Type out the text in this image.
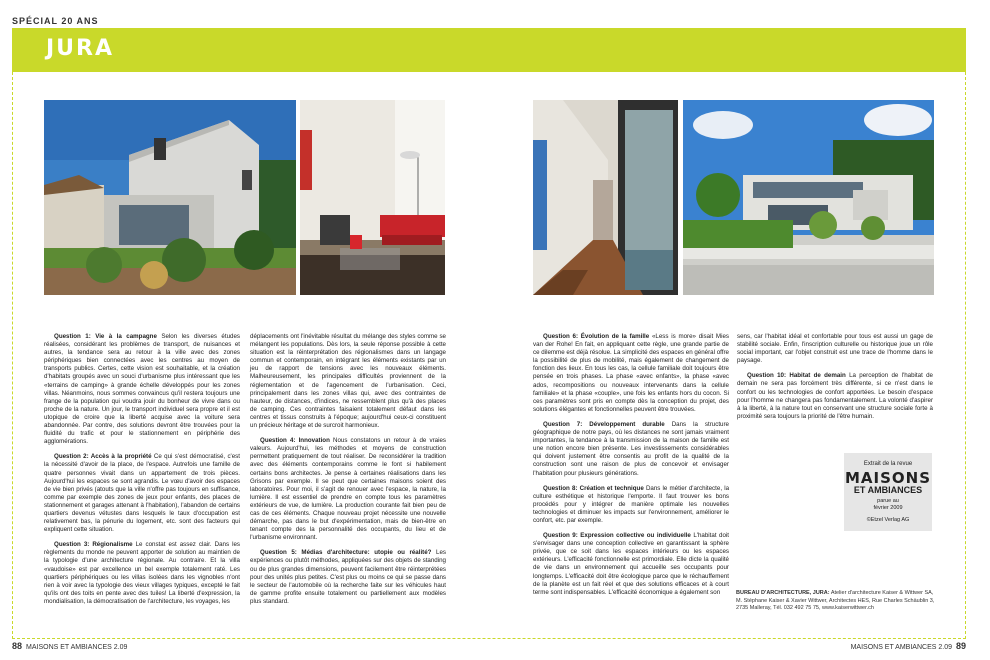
SPÉCIAL 20 ANS
JURA

Question 1: Vie à la campagne Selon les diverses études réalisées, considérant les problèmes de transport, de nuisances et autres, la tendance sera au retour à la ville avec des zones périphériques bien connectées avec les centres au moyen de transports publics. Certes, cette vision est souhaitable, et la création d'habitats groupés avec un souci d'urbanisme plus intéressant que les «terrains de camping» à grande échelle développés pour les zones villas. Néanmoins, nous sommes convaincus qu'il restera toujours une frange de la population qui voudra jouir du bonheur de vivre dans ou proche de la nature. Un jour, le transport individuel sera propre et il est utopique de croire que la liberté acquise avec la voiture sera abandonnée. Par contre, des solutions devront être trouvées pour la fluidité du trafic et pour le stationnement en périphérie des agglomérations.

Question 2: Accès à la propriété Ce qui s'est démocratisé, c'est la nécessité d'avoir de la place, de l'espace. Autrefois une famille de quatre personnes vivait dans un appartement de trois pièces. Aujourd'hui les espaces se sont agrandis. Le vœu d'avoir des espaces de vie bien privés (atouts que la ville n'offre pas toujours en suffisance, comme par exemple des zones de jeux pour enfants, des places de stationnement et garages attenant à l'habitation), l'abandon de certains quartiers devenus vétustes dans lesquels le taux d'occupation est relativement bas, la pénurie du logement, etc. sont des facteurs qui expliquent cette situation.

Question 3: Régionalisme Le constat est assez clair. Dans les règlements du monde ne peuvent apporter de solution au maintien de la typologie d'une architecture régionale. Au contraire. Et la villa «vaudoise» est par excellence un bel exemple totalement raté. Les quartiers périphériques ou les villas isolées dans les vignobles n'ont rien à voir avec la typologie des vieux villages typiques, excepté le fait qu'ils ont des toits en pente avec des tuiles! La liberté d'expression, la mondialisation, la démocratisation de l'architecture, les voyages, les

déplacements ont l'inévitable résultat du mélange des styles comme se mélangent les populations. Dès lors, la seule réponse possible à cette situation est la réinterprétation des régionalismes dans un langage commun et contemporain, en intégrant les éléments existants par un jeu de rapport de tensions avec les nouveaux éléments. Malheureusement, les principales difficultés proviennent de la réglementation et de l'agencement de l'urbanisation. Ceci, principalement dans les zones villas qui, avec des contraintes de hauteur, de distances, d'indices, ne ressemblent plus qu'à des places de camping. Ces contraintes faisaient totalement défaut dans les centres et tissus construits à l'époque; aujourd'hui ceux-ci constituent un précieux héritage et de surcroit harmonieux.

Question 4: Innovation Nous constatons un retour à de vraies valeurs. Aujourd'hui, les méthodes et moyens de construction permettent pratiquement de tout réaliser. De reconsidérer la tradition avec des éléments contemporains comme le font si habilement certains bons architectes. Je pense à certaines réalisations dans les Grisons par exemple. Il se peut que certaines maisons soient des laboratoires. Pour moi, il s'agit de renouer avec l'espace, la nature, la lumière. Il est essentiel de prendre en compte tous les paramètres extérieurs de vue, de lumière. La production courante fait bien peu de cas de ces éléments. Chaque nouveau projet nécessite une nouvelle démarche, pas dans le but d'expérimentation, mais de bien-être en tenant compte des la personnalité des occupants, du lieu et de l'urbanisme environnant.

Question 5: Médias d'architecture: utopie ou réalité? Les expériences ou plutôt méthodes, appliquées sur des objets de standing ou de plus grandes dimensions, peuvent facilement être réinterprétées pour des unités plus petites. C'est plus ou moins ce qui se passe dans le secteur de l'automobile où la recherche faite sur les véhicules haut de gamme profite ensuite totalement ou partiellement aux modèles plus standard.

Question 6: Évolution de la famille «Less is more» disait Mies van der Rohe! En fait, en appliquant cette règle, une grande partie de ce dilemme est déjà résolue. La simplicité des espaces en général offre la possibilité de plus de mobilité, mais également de changement de fonction des lieux. En tous les cas, la cellule familiale doit toujours être pensée en trois phases. La phase «avec enfants», la phase «avec ados, recompositions ou nouveaux intervenants dans la cellule familiale» et la phase «couple», une fois les enfants hors du cocon. Si ces paramètres sont pris en compte dès la conception du projet, des solutions élégantes et fonctionnelles peuvent être trouvées.

Question 7: Développement durable Dans la structure géographique de notre pays, où les distances ne sont jamais vraiment importantes, la tendance à la transmission de la maison de famille est une notion encore bien présente. Les investissements considérables qui doivent justement être consentis au profit de la qualité de la construction sont une raison de plus de concevoir et envisager l'habitation pour plusieurs générations.

Question 8: Création et technique Dans le métier d'architecte, la culture esthétique et historique l'emporte. Il faut trouver les bons procédés pour y intégrer de manière optimale les nouvelles technologies et diminuer les impacts sur l'environnement, améliorer le confort, etc. par exemple.

Question 9: Expression collective ou individuelle L'habitat doit s'envisager dans une conception collective en garantissant la sphère privée, que ce soit dans les espaces intérieurs ou les espaces extérieurs. L'efficacité fonctionnelle est primordiale. Elle dicte la qualité de vie dans un environnement qui accueille ses occupants pour longtemps. L'efficacité doit être écologique parce que le réchauffement de la planète est un fait réel et que des solutions efficaces et à court terme sont indispensables. L'efficacité économique a également son

sens, car l'habitat idéal et confortable pour tous est aussi un gage de stabilité sociale. Enfin, l'inscription culturelle ou historique joue un rôle social important, car l'objet construit est une trace de l'homme dans le paysage.

Question 10: Habitat de demain La perception de l'habitat de demain ne sera pas forcément très différente, si ce n'est dans le confort ou les technologies de confort apportées. Le besoin d'espace pour l'homme ne changera pas fondamentalement. La volonté d'aspirer à la liberté, à la nature tout en conservant une structure sociale forte à proximité sera toujours la priorité de l'être humain.

Extrait de la revue
MAISONS
ET AMBIANCES
parue au
février 2009
©Etzel Verlag AG
BUREAU D'ARCHITECTURE, JURA: Atelier d'architecture Kaiser & Wittwer SA, M. Stéphane Kaiser & Xavier Wittwer, Architectes HES, Rue Charles Schäublin 3, 2735 Malleray, Tél. 032 492 75 75, www.kaiserwittwer.ch
88 MAISONS ET AMBIANCES 2.09	MAISONS ET AMBIANCES 2.09 89
